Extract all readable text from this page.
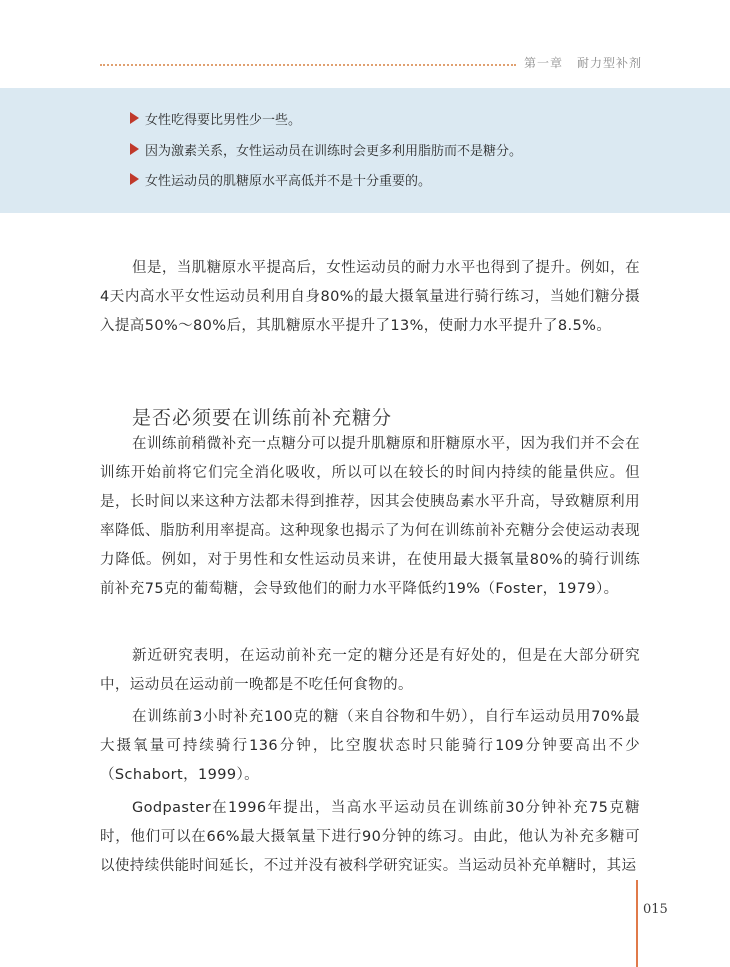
第一章 耐力型补剂
女性吃得要比男性少一些。
因为激素关系，女性运动员在训练时会更多利用脂肪而不是糖分。
女性运动员的肌糖原水平高低并不是十分重要的。

但是，当肌糖原水平提高后，女性运动员的耐力水平也得到了提升。例如，在4天内高水平女性运动员利用自身80%的最大摄氧量进行骑行练习，当她们糖分摄入提高50%～80%后，其肌糖原水平提升了13%，使耐力水平提升了8.5%。

是否必须要在训练前补充糖分

在训练前稍微补充一点糖分可以提升肌糖原和肝糖原水平，因为我们并不会在训练开始前将它们完全消化吸收，所以可以在较长的时间内持续的能量供应。但是，长时间以来这种方法都未得到推荐，因其会使胰岛素水平升高，导致糖原利用率降低、脂肪利用率提高。这种现象也揭示了为何在训练前补充糖分会使运动表现力降低。例如，对于男性和女性运动员来讲，在使用最大摄氧量80%的骑行训练前补充75克的葡萄糖，会导致他们的耐力水平降低约19%（Foster，1979）。

新近研究表明，在运动前补充一定的糖分还是有好处的，但是在大部分研究中，运动员在运动前一晚都是不吃任何食物的。

在训练前3小时补充100克的糖（来自谷物和牛奶），自行车运动员用70%最大摄氧量可持续骑行136分钟，比空腹状态时只能骑行109分钟要高出不少（Schabort，1999）。

Godpaster在1996年提出，当高水平运动员在训练前30分钟补充75克糖时，他们可以在66%最大摄氧量下进行90分钟的练习。由此，他认为补充多糖可以使持续供能时间延长，不过并没有被科学研究证实。当运动员补充单糖时，其运

015
